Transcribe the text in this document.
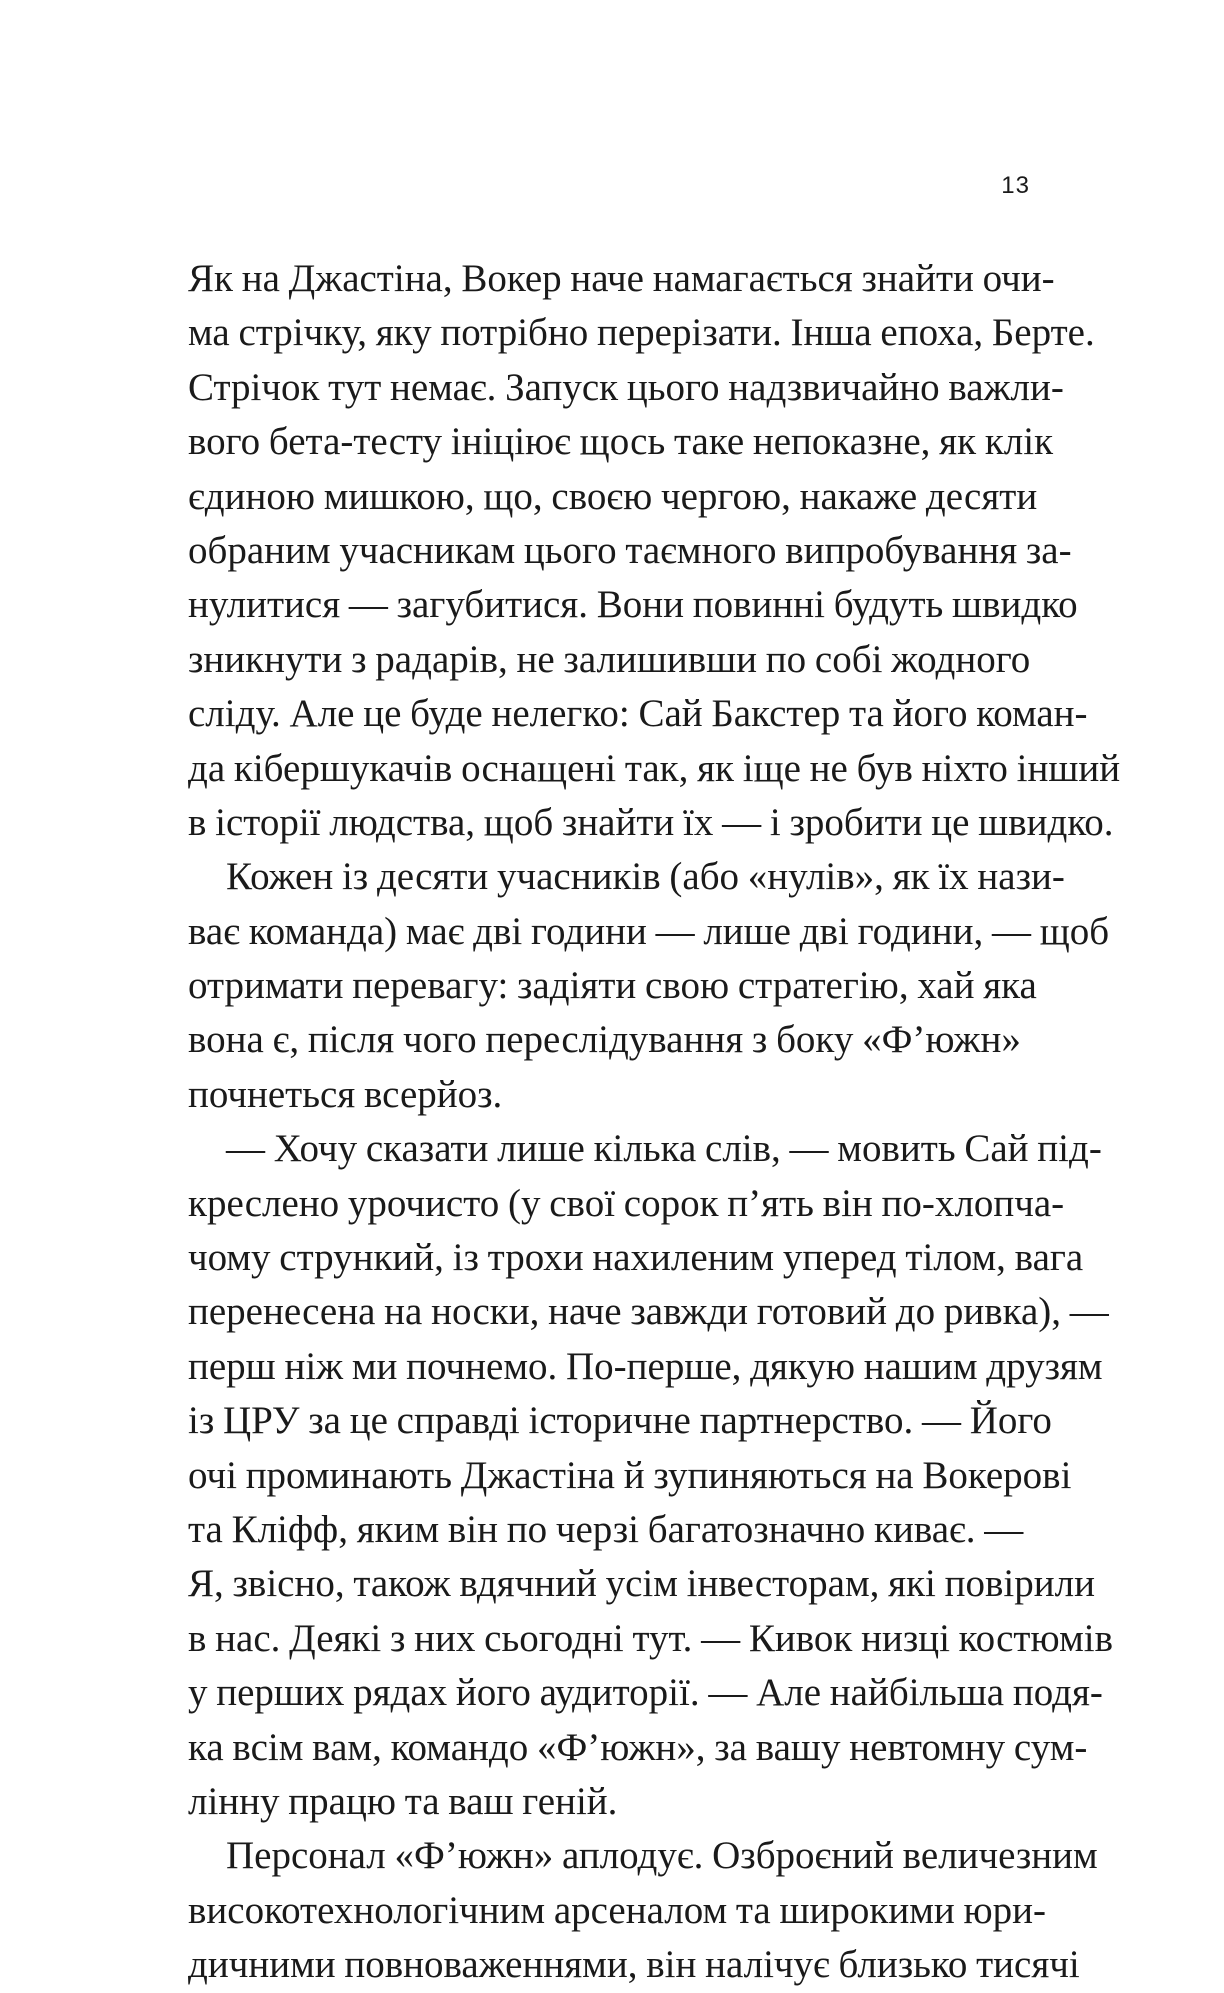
13
Як на Джастіна, Вокер наче намагається знайти очи-
ма стрічку, яку потрібно перерізати. Інша епоха, Берте.
Стрічок тут немає. Запуск цього надзвичайно важли-
вого бета-тесту ініціює щось таке непоказне, як клік
єдиною мишкою, що, своєю чергою, накаже десяти
обраним учасникам цього таємного випробування за-
нулитися — загубитися. Вони повинні будуть швидко
зникнути з радарів, не залишивши по собі жодного
сліду. Але це буде нелегко: Сай Бакстер та його коман-
да кібершукачів оснащені так, як іще не був ніхто інший
в історії людства, щоб знайти їх — і зробити це швидко.
Кожен із десяти учасників (або «нулів», як їх нази-
ває команда) має дві години — лише дві години, — щоб
отримати перевагу: задіяти свою стратегію, хай яка
вона є, після чого переслідування з боку «Ф’южн»
почнеться всерйоз.
— Хочу сказати лише кілька слів, — мовить Сай під-
креслено урочисто (у свої сорок п’ять він по-хлопча-
чому стрункий, із трохи нахиленим уперед тілом, вага
перенесена на носки, наче завжди готовий до ривка), —
перш ніж ми почнемо. По-перше, дякую нашим друзям
із ЦРУ за це справді історичне партнерство. — Його
очі проминають Джастіна й зупиняються на Вокерові
та Кліфф, яким він по черзі багатозначно киває. —
Я, звісно, також вдячний усім інвесторам, які повірили
в нас. Деякі з них сьогодні тут. — Кивок низці костюмів
у перших рядах його аудиторії. — Але найбільша подя-
ка всім вам, командо «Ф’южн», за вашу невтомну сум-
лінну працю та ваш геній.
Персонал «Ф’южн» аплодує. Озброєний величезним
високотехнологічним арсеналом та широкими юри-
дичними повноваженнями, він налічує близько тисячі
